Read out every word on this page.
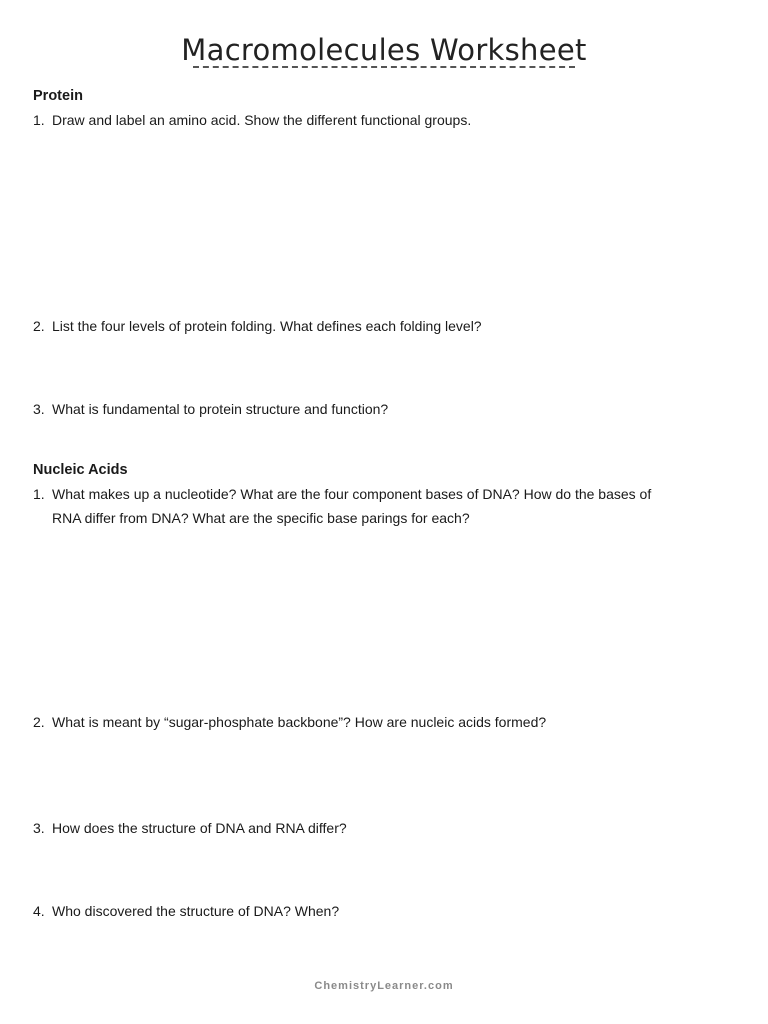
Macromolecules Worksheet
Protein
1. Draw and label an amino acid. Show the different functional groups.
2. List the four levels of protein folding. What defines each folding level?
3. What is fundamental to protein structure and function?
Nucleic Acids
1. What makes up a nucleotide? What are the four component bases of DNA? How do the bases of
RNA differ from DNA? What are the specific base parings for each?
2. What is meant by “sugar-phosphate backbone”? How are nucleic acids formed?
3. How does the structure of DNA and RNA differ?
4. Who discovered the structure of DNA? When?
ChemistryLearner.com
